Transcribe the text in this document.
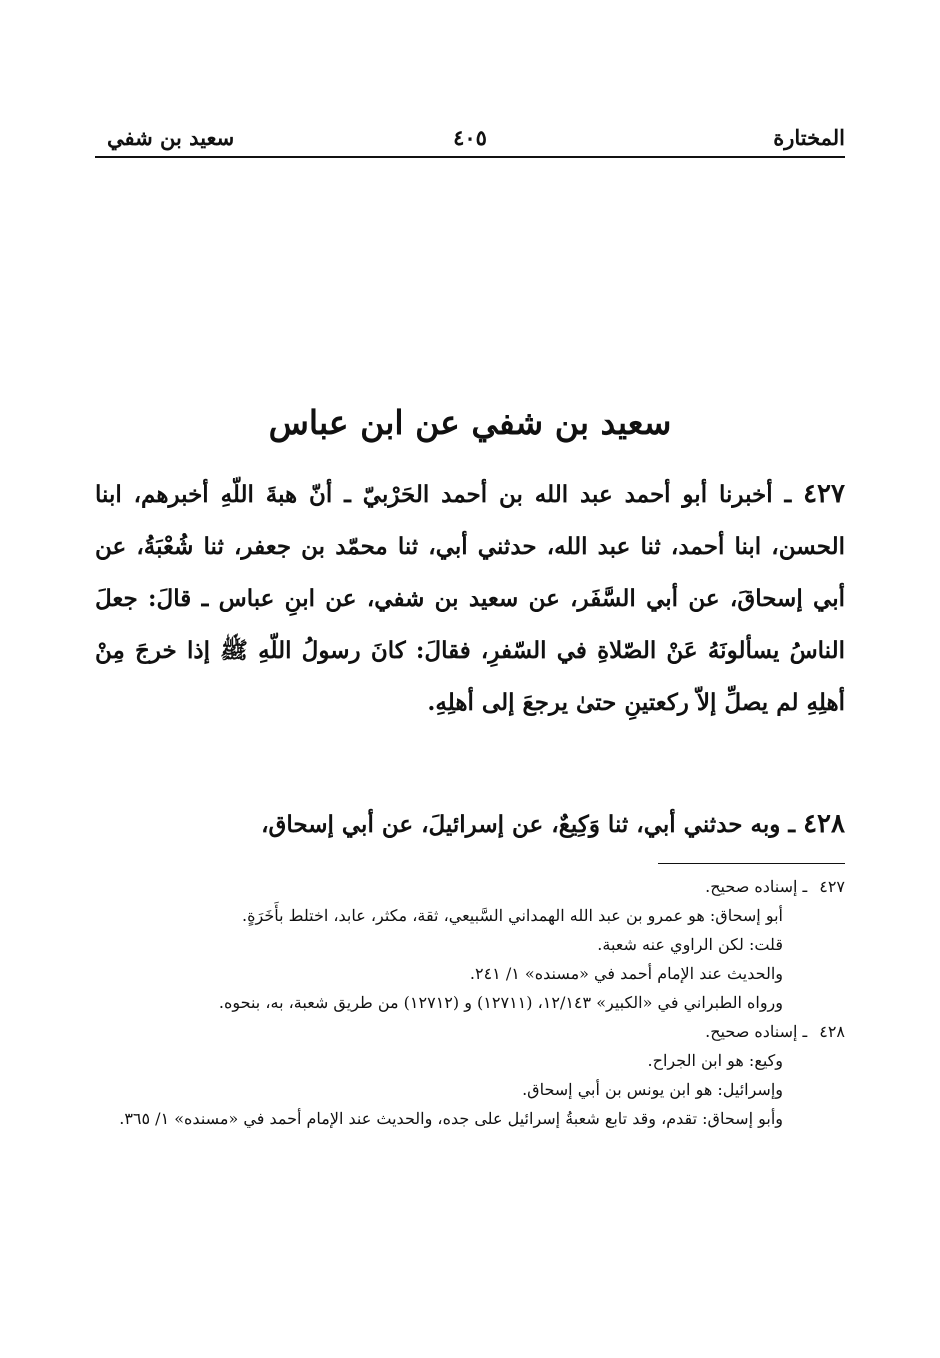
المختارة
٤٠٥
سعيد بن شفي
سعيد بن شفي عن ابن عباس
٤٢٧ ـ أخبرنا أبو أحمد عبد الله بن أحمد الحَرْبيّ ـ أنّ هبةَ اللّهِ أخبرهم، ابنا الحسن، ابنا أحمد، ثنا عبد الله، حدثني أبي، ثنا محمّد بن جعفر، ثنا شُعْبَةُ، عن أبي إسحاقَ، عن أبي السَّفَر، عن سعيد بن شفي، عن ابنِ عباس ـ قالَ: جعلَ الناسُ يسألونَهُ عَنْ الصّلاةِ في السّفرِ، فقالَ: كانَ رسولُ اللّهِ ﷺ إذا خرجَ مِنْ أهلِهِ لم يصلِّ إلاّ ركعتينِ حتىٰ يرجعَ إلى أهلِهِ.
٤٢٨ ـ وبه حدثني أبي، ثنا وَكِيعٌ، عن إسرائيلَ، عن أبي إسحاق،
٤٢٧
ـ إسناده صحيح.
أبو إسحاق: هو عمرو بن عبد الله الهمداني السَّبيعي، ثقة، مكثر، عابد، اختلط بأَخَرَةٍ.
قلت: لكن الراوي عنه شعبة.
والحديث عند الإمام أحمد في «مسنده» ١/ ٢٤١.
ورواه الطبراني في «الكبير» ١٢/١٤٣، (١٢٧١١) و (١٢٧١٢) من طريق شعبة، به، بنحوه.
٤٢٨
ـ إسناده صحيح.
وكيع: هو ابن الجراح.
وإسرائيل: هو ابن يونس بن أبي إسحاق.
وأبو إسحاق: تقدم، وقد تابع شعبةُ إسرائيل على جده، والحديث عند الإمام أحمد في «مسنده» ١/ ٣٦٥.
